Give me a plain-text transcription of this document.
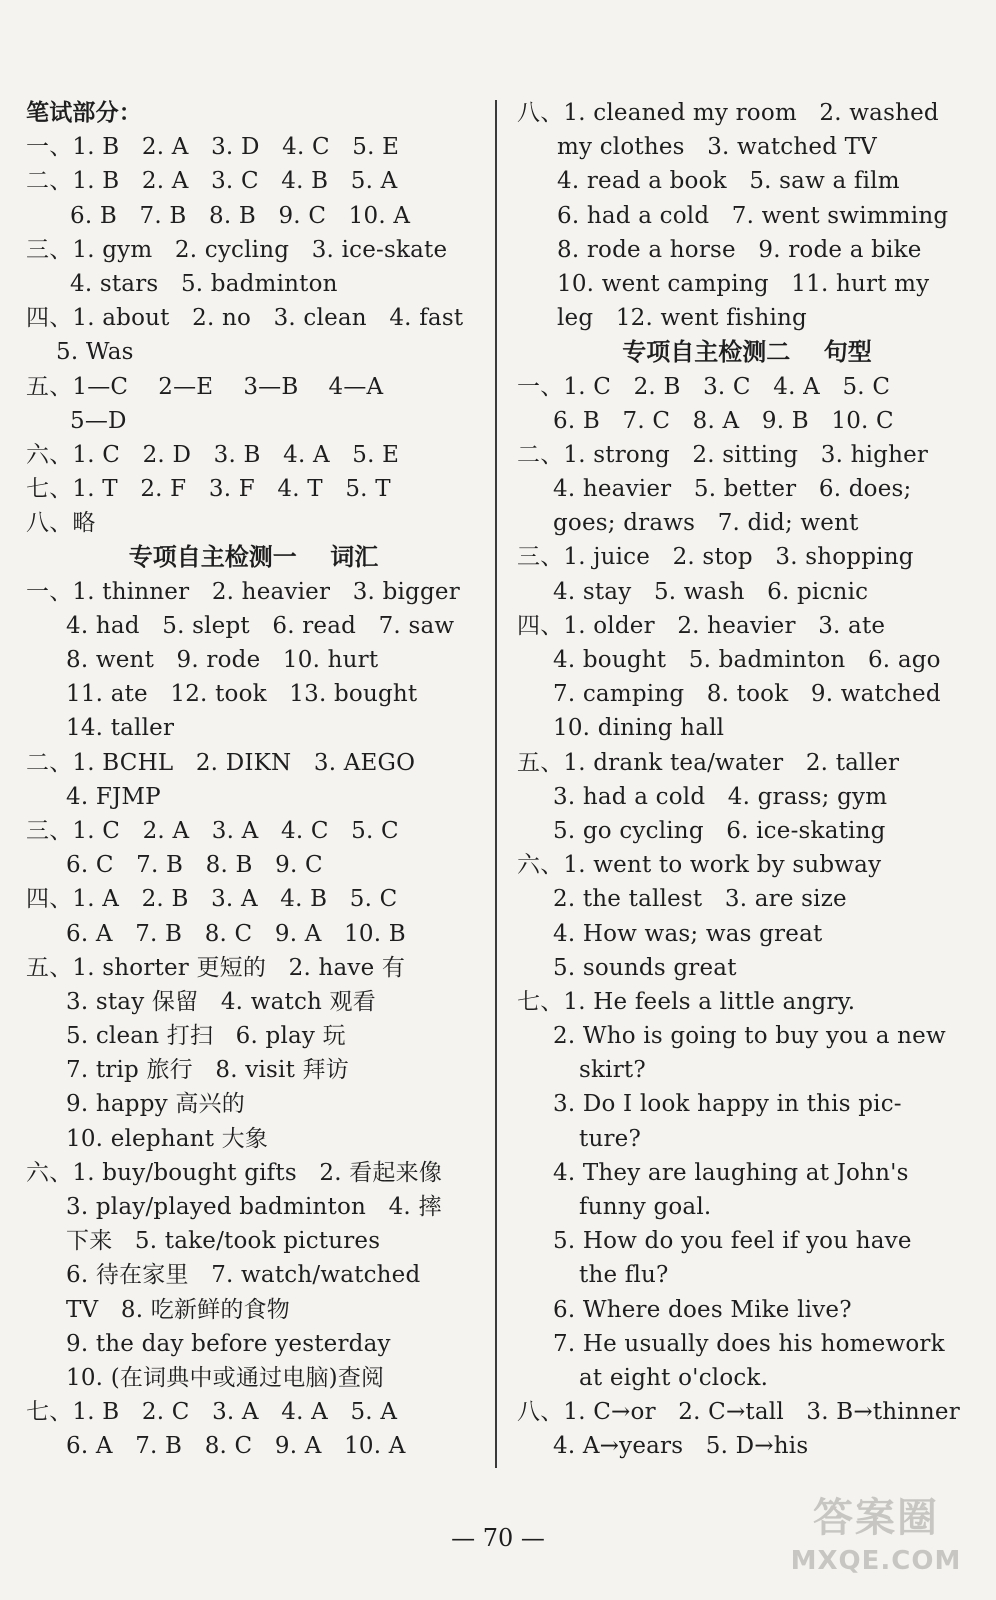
笔试部分：
一、1. B   2. A   3. D   4. C   5. E
二、1. B   2. A   3. C   4. B   5. A
6. B   7. B   8. B   9. C   10. A
三、1. gym   2. cycling   3. ice-skate
4. stars   5. badminton
四、1. about   2. no   3. clean   4. fast
5. Was
五、1—C    2—E    3—B    4—A
5—D
六、1. C   2. D   3. B   4. A   5. E
七、1. T   2. F   3. F   4. T   5. T
八、略
专项自主检测一    词汇
一、1. thinner   2. heavier   3. bigger
4. had   5. slept   6. read   7. saw
8. went   9. rode   10. hurt
11. ate   12. took   13. bought
14. taller
二、1. BCHL   2. DIKN   3. AEGO
4. FJMP
三、1. C   2. A   3. A   4. C   5. C
6. C   7. B   8. B   9. C
四、1. A   2. B   3. A   4. B   5. C
6. A   7. B   8. C   9. A   10. B
五、1. shorter 更短的   2. have 有
3. stay 保留   4. watch 观看
5. clean 打扫   6. play 玩
7. trip 旅行   8. visit 拜访
9. happy 高兴的
10. elephant 大象
六、1. buy/bought gifts   2. 看起来像
3. play/played badminton   4. 摔
下来   5. take/took pictures
6. 待在家里   7. watch/watched
TV   8. 吃新鲜的食物
9. the day before yesterday
10. (在词典中或通过电脑)查阅
七、1. B   2. C   3. A   4. A   5. A
6. A   7. B   8. C   9. A   10. A
八、1. cleaned my room   2. washed
my clothes   3. watched TV
4. read a book   5. saw a film
6. had a cold   7. went swimming
8. rode a horse   9. rode a bike
10. went camping   11. hurt my
leg   12. went fishing
专项自主检测二    句型
一、1. C   2. B   3. C   4. A   5. C
6. B   7. C   8. A   9. B   10. C
二、1. strong   2. sitting   3. higher
4. heavier   5. better   6. does;
goes; draws   7. did; went
三、1. juice   2. stop   3. shopping
4. stay   5. wash   6. picnic
四、1. older   2. heavier   3. ate
4. bought   5. badminton   6. ago
7. camping   8. took   9. watched
10. dining hall
五、1. drank tea/water   2. taller
3. had a cold   4. grass; gym
5. go cycling   6. ice-skating
六、1. went to work by subway
2. the tallest   3. are size
4. How was; was great
5. sounds great
七、1. He feels a little angry.
2. Who is going to buy you a new
skirt?
3. Do I look happy in this pic-
ture?
4. They are laughing at John's
funny goal.
5. How do you feel if you have
the flu?
6. Where does Mike live?
7. He usually does his homework
at eight o'clock.
八、1. C→or   2. C→tall   3. B→thinner
4. A→years   5. D→his
— 70 —	答案圈
MXQE.COM
